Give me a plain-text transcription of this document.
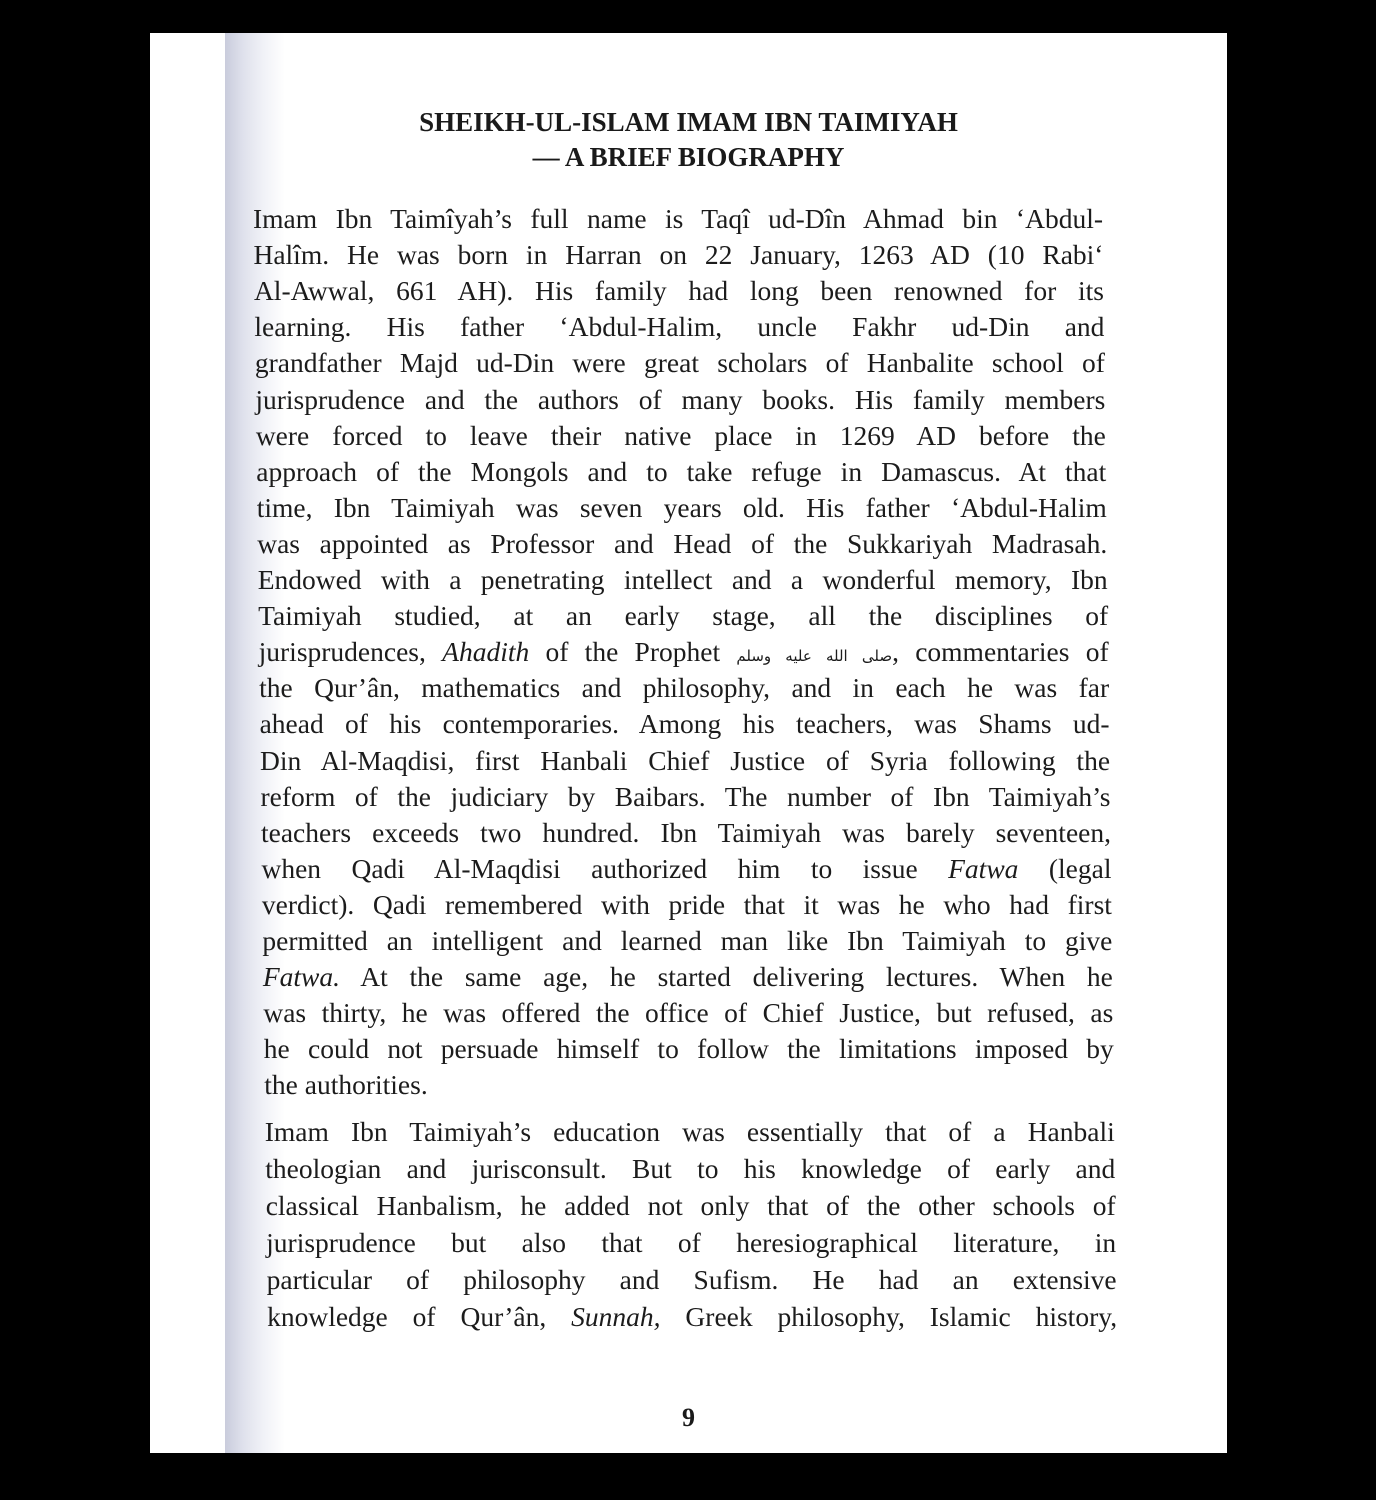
SHEIKH-UL-ISLAM IMAM IBN TAIMIYAH
— A BRIEF BIOGRAPHY
Imam Ibn Taimîyah’s full name is Taqî ud-Dîn Ahmad bin ‘Abdul-
Halîm. He was born in Harran on 22 January, 1263 AD (10 Rabi‘
Al-Awwal, 661 AH). His family had long been renowned for its
learning. His father ‘Abdul-Halim, uncle Fakhr ud-Din and
grandfather Majd ud-Din were great scholars of Hanbalite school of
jurisprudence and the authors of many books. His family members
were forced to leave their native place in 1269 AD before the
approach of the Mongols and to take refuge in Damascus. At that
time, Ibn Taimiyah was seven years old. His father ‘Abdul-Halim
was appointed as Professor and Head of the Sukkariyah Madrasah.
Endowed with a penetrating intellect and a wonderful memory, Ibn
Taimiyah studied, at an early stage, all the disciplines of
jurisprudences, Ahadith of the Prophet صلى الله عليه وسلم, commentaries of
the Qur’ân, mathematics and philosophy, and in each he was far
ahead of his contemporaries. Among his teachers, was Shams ud-
Din Al-Maqdisi, first Hanbali Chief Justice of Syria following the
reform of the judiciary by Baibars. The number of Ibn Taimiyah’s
teachers exceeds two hundred. Ibn Taimiyah was barely seventeen,
when Qadi Al-Maqdisi authorized him to issue Fatwa (legal
verdict). Qadi remembered with pride that it was he who had first
permitted an intelligent and learned man like Ibn Taimiyah to give
Fatwa. At the same age, he started delivering lectures. When he
was thirty, he was offered the office of Chief Justice, but refused, as
he could not persuade himself to follow the limitations imposed by
the authorities.
Imam Ibn Taimiyah’s education was essentially that of a Hanbali
theologian and jurisconsult. But to his knowledge of early and
classical Hanbalism, he added not only that of the other schools of
jurisprudence but also that of heresiographical literature, in
particular of philosophy and Sufism. He had an extensive
knowledge of Qur’ân, Sunnah, Greek philosophy, Islamic history,
9
